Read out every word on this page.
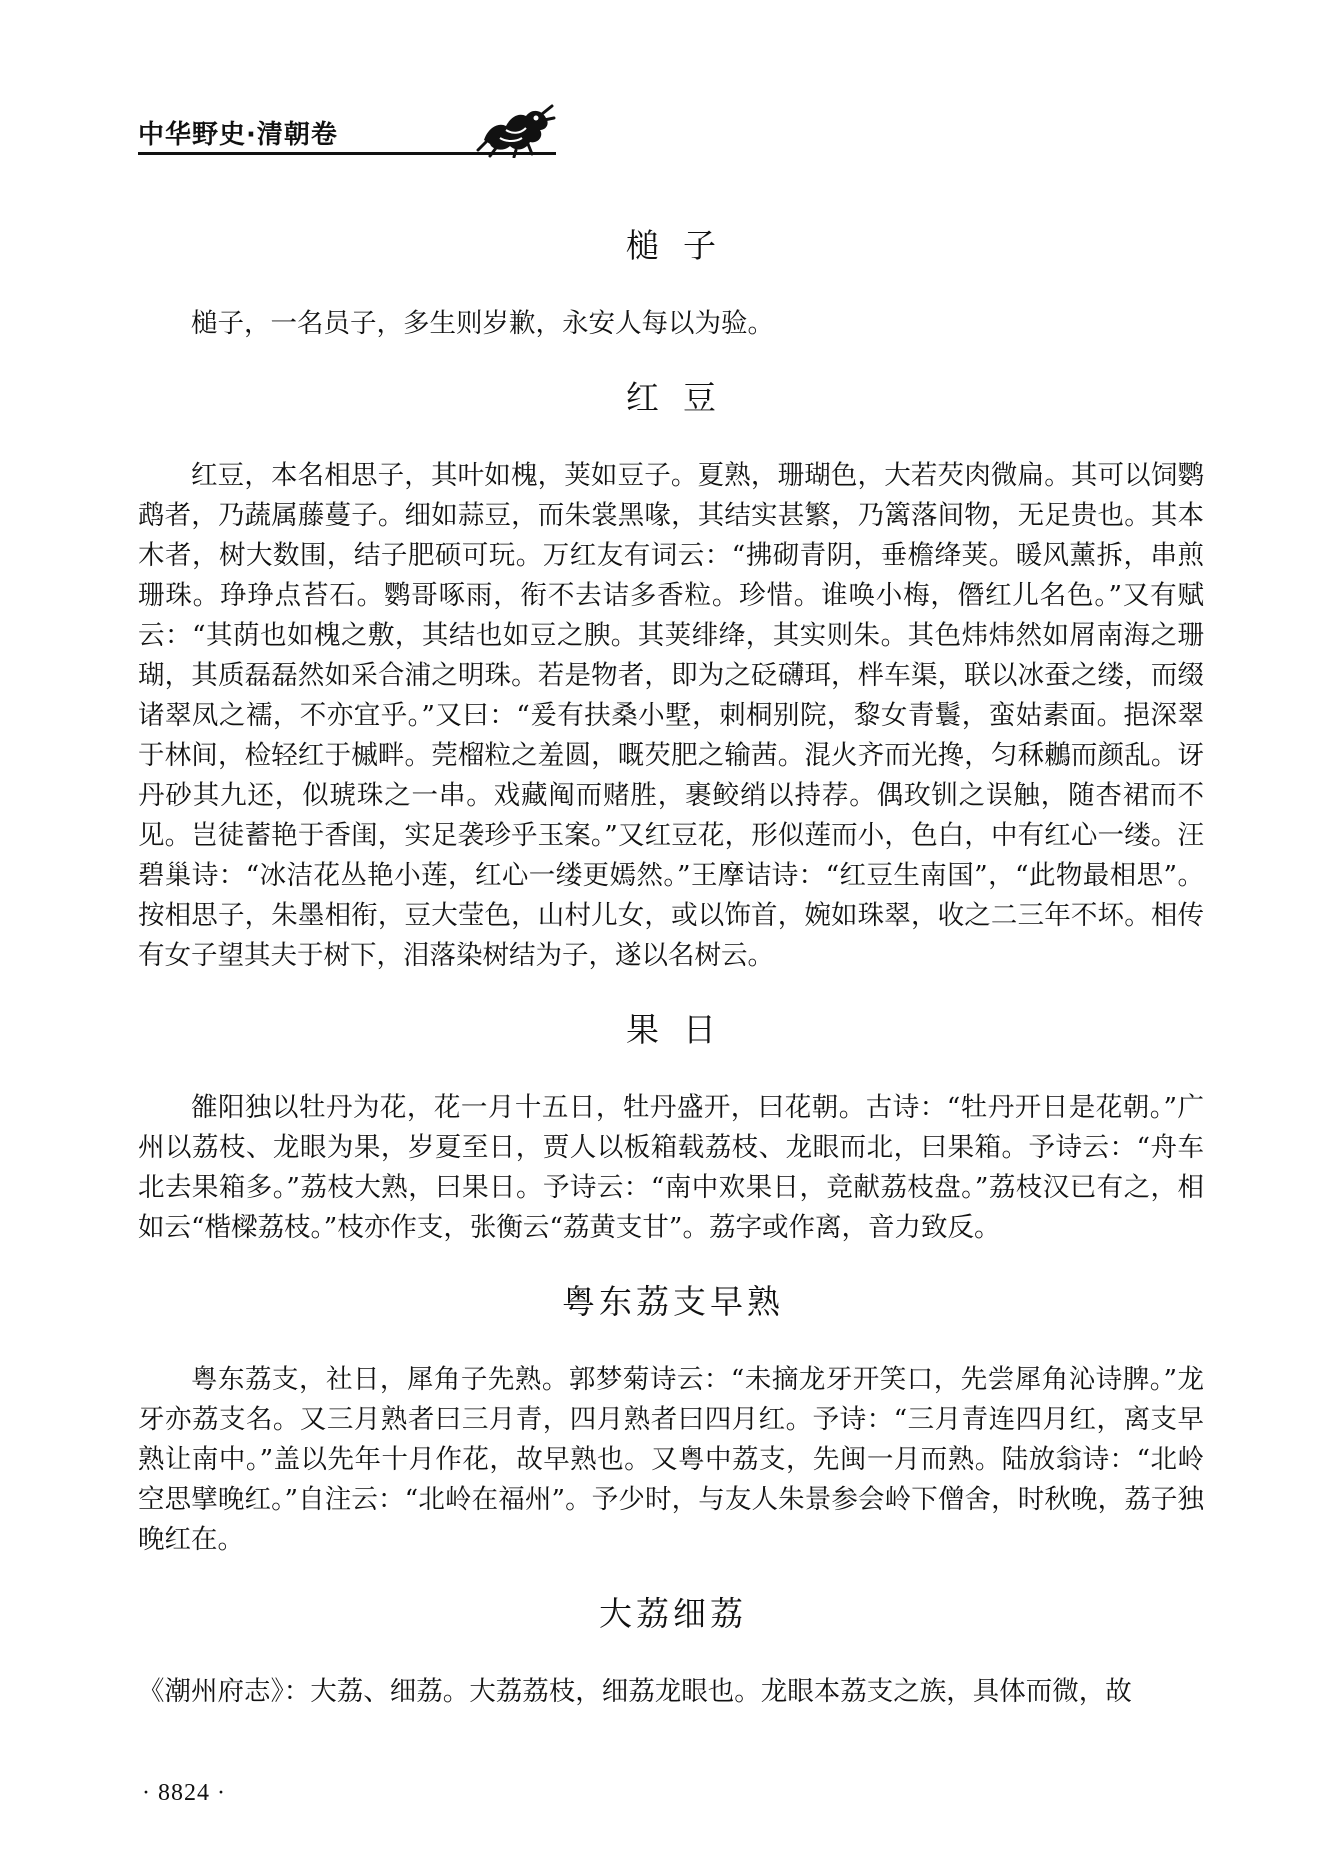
中华野史·清朝卷
槌子

槌子，一名员子，多生则岁歉，永安人每以为验。

红豆

红豆，本名相思子，其叶如槐，荚如豆子。夏熟，珊瑚色，大若芡肉微扁。其可以饲鹦鹉者，乃蔬属藤蔓子。细如蒜豆，而朱裳黑喙，其结实甚繁，乃篱落间物，无足贵也。其本木者，树大数围，结子肥硕可玩。万红友有词云：“拂砌青阴，垂檐绛荚。暖风薰拆，串煎珊珠。琤琤点苔石。鹦哥啄雨，衔不去诘多香粒。珍惜。谁唤小梅，僭红儿名色。”又有赋云：“其荫也如槐之敷，其结也如豆之腴。其荚绯绛，其实则朱。其色炜炜然如屑南海之珊瑚，其质磊磊然如采合浦之明珠。若是物者，即为之砭礴珥，柈车渠，联以冰蚕之缕，而缀诸翠凤之襦，不亦宜乎。”又曰：“爰有扶桑小墅，刺桐别院，黎女青鬟，蛮姑素面。挹深翠于林间，检轻红于槭畔。莞榴粒之羞圆，嘅芡肥之输茜。混火齐而光搀，匀秝鶒而颜乱。讶丹砂其九还，似琥珠之一串。戏藏阄而赌胜，裹鲛绡以持荐。偶玫钏之误触，随杏裙而不见。岂徒蓄艳于香闺，实足袭珍乎玉案。”又红豆花，形似莲而小，色白，中有红心一缕。汪碧巢诗：“冰洁花丛艳小莲，红心一缕更嫣然。”王摩诘诗：“红豆生南国”，“此物最相思”。按相思子，朱墨相衔，豆大莹色，山村儿女，或以饰首，婉如珠翠，收之二三年不坏。相传有女子望其夫于树下，泪落染树结为子，遂以名树云。

果日

雒阳独以牡丹为花，花一月十五日，牡丹盛开，曰花朝。古诗：“牡丹开日是花朝。”广州以荔枝、龙眼为果，岁夏至日，贾人以板箱载荔枝、龙眼而北，曰果箱。予诗云：“舟车北去果箱多。”荔枝大熟，曰果日。予诗云：“南中欢果日，竞献荔枝盘。”荔枝汉已有之，相如云“楷樑荔枝。”枝亦作支，张衡云“荔黄支甘”。荔字或作离，音力致反。

粤东荔支早熟

粤东荔支，社日，犀角子先熟。郭梦菊诗云：“未摘龙牙开笑口，先尝犀角沁诗脾。”龙牙亦荔支名。又三月熟者曰三月青，四月熟者曰四月红。予诗：“三月青连四月红，离支早熟让南中。”盖以先年十月作花，故早熟也。又粤中荔支，先闽一月而熟。陆放翁诗：“北岭空思擘晚红。”自注云：“北岭在福州”。予少时，与友人朱景参会岭下僧舍，时秋晚，荔子独晚红在。

大荔细荔

《潮州府志》：大荔、细荔。大荔荔枝，细荔龙眼也。龙眼本荔支之族，具体而微，故

· 8824 ·
